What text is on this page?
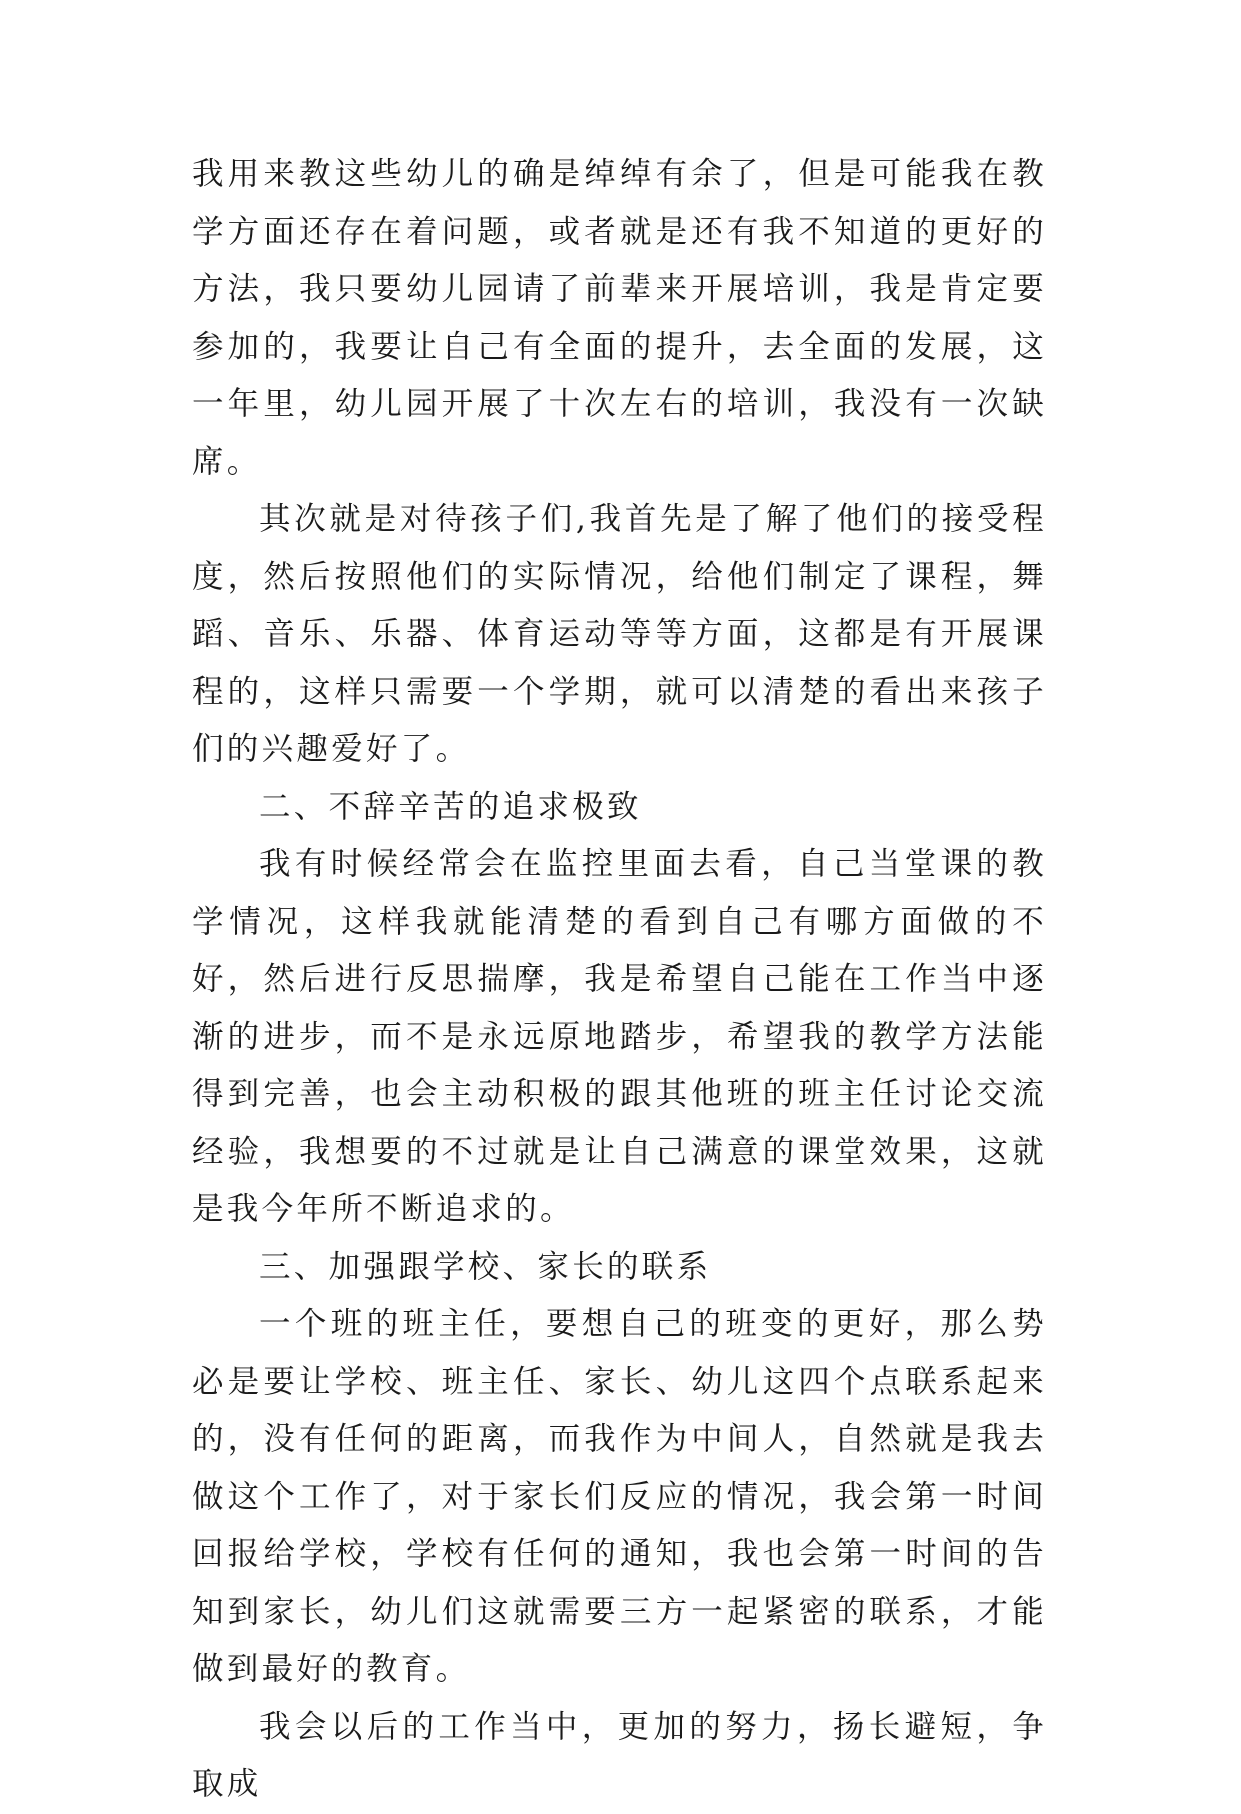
我用来教这些幼儿的确是绰绰有余了，但是可能我在教学方面还存在着问题，或者就是还有我不知道的更好的方法，我只要幼儿园请了前辈来开展培训，我是肯定要参加的，我要让自己有全面的提升，去全面的发展，这一年里，幼儿园开展了十次左右的培训，我没有一次缺席。

其次就是对待孩子们,我首先是了解了他们的接受程度，然后按照他们的实际情况，给他们制定了课程，舞蹈、音乐、乐器、体育运动等等方面，这都是有开展课程的，这样只需要一个学期，就可以清楚的看出来孩子们的兴趣爱好了。

二、不辞辛苦的追求极致

我有时候经常会在监控里面去看，自己当堂课的教学情况，这样我就能清楚的看到自己有哪方面做的不好，然后进行反思揣摩，我是希望自己能在工作当中逐渐的进步，而不是永远原地踏步，希望我的教学方法能得到完善，也会主动积极的跟其他班的班主任讨论交流经验，我想要的不过就是让自己满意的课堂效果，这就是我今年所不断追求的。

三、加强跟学校、家长的联系

一个班的班主任，要想自己的班变的更好，那么势必是要让学校、班主任、家长、幼儿这四个点联系起来的，没有任何的距离，而我作为中间人，自然就是我去做这个工作了，对于家长们反应的情况，我会第一时间回报给学校，学校有任何的通知，我也会第一时间的告知到家长，幼儿们这就需要三方一起紧密的联系，才能做到最好的教育。

我会以后的工作当中，更加的努力，扬长避短，争取成
